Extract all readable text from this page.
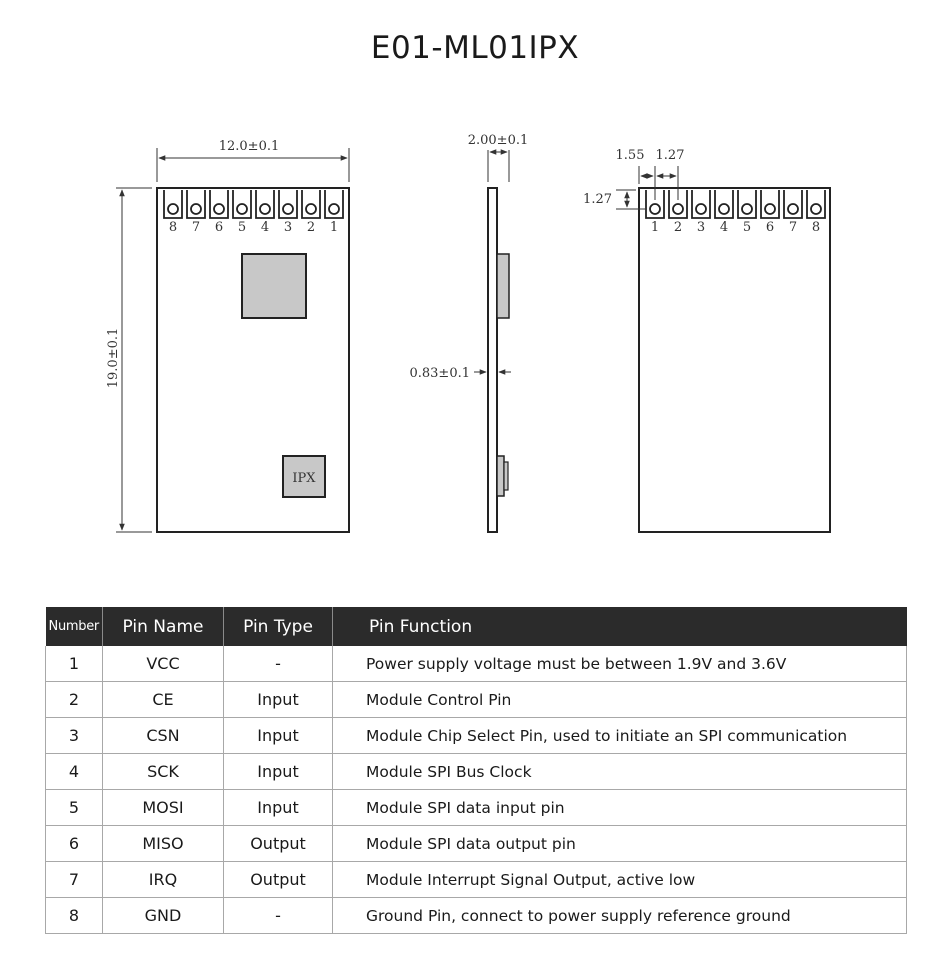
E01-ML01IPX
8 7 6 5 4 3 2 1
IPX
12.0±0.1
19.0±0.1
2.00±0.1
0.83±0.1
1 2 3 4 5 6 7 8
1.55 1.27
1.27
Number	Pin Name	Pin Type	Pin Function
1	VCC	-	Power supply voltage must be between 1.9V and 3.6V
2	CE	Input	Module Control Pin
3	CSN	Input	Module Chip Select Pin, used to initiate an SPI communication
4	SCK	Input	Module SPI Bus Clock
5	MOSI	Input	Module SPI data input pin
6	MISO	Output	Module SPI data output pin
7	IRQ	Output	Module Interrupt Signal Output, active low
8	GND	-	Ground Pin, connect to power supply reference ground
